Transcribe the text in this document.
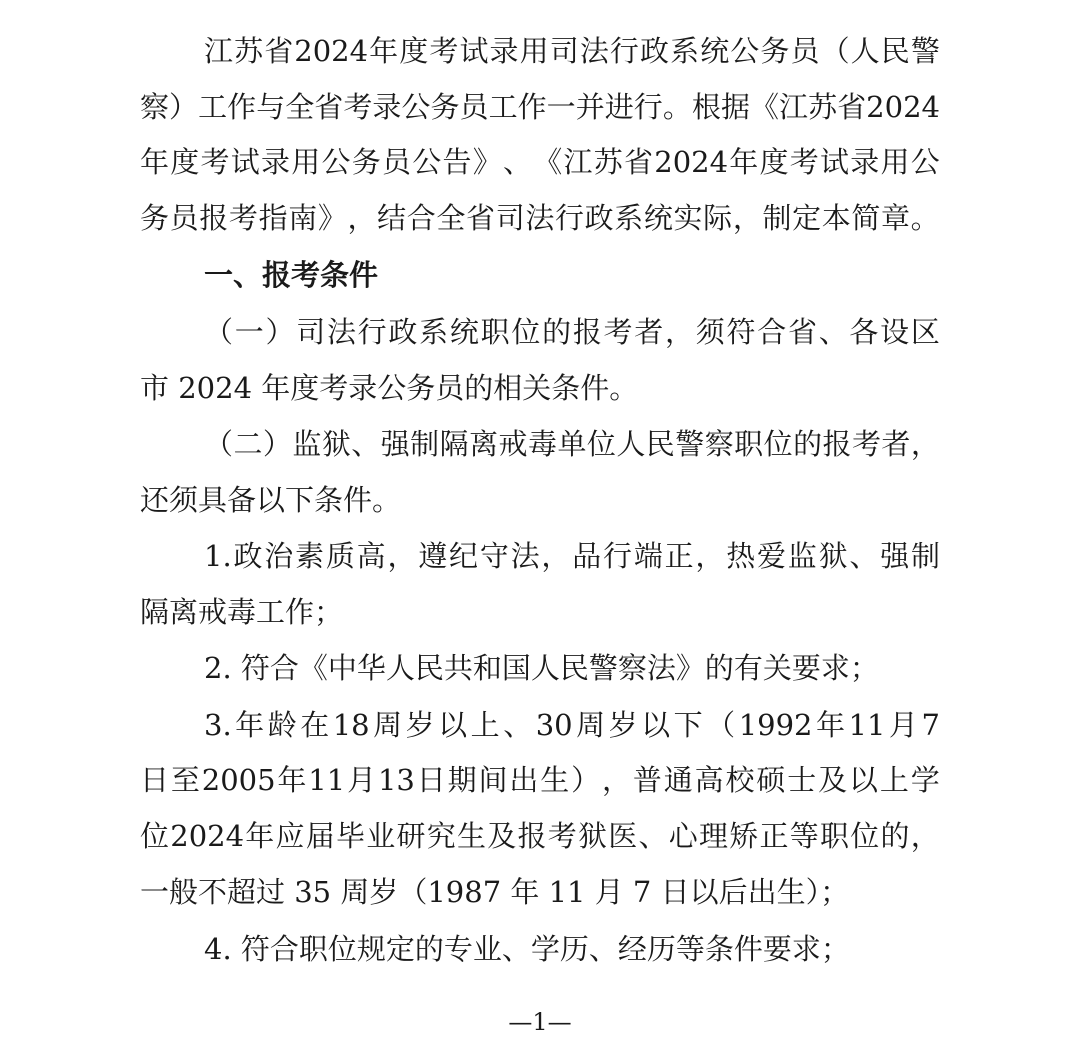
江 苏 省 2024 年 度 考 试 录 用 司 法 行 政 系 统 公 务 员 （ 人 民 警
察 ） 工 作 与 全 省 考 录 公 务 员 工 作 一 并 进 行 。 根 据 《 江 苏 省 2024
年 度 考 试 录 用 公 务 员 公 告 》 、 《 江 苏 省 2024 年 度 考 试 录 用 公
务 员 报 考 指 南 》 ， 结 合 全 省 司 法 行 政 系 统 实 际 ， 制 定 本 简 章 。
一、报考条件
（ 一 ） 司 法 行 政 系 统 职 位 的 报 考 者 ， 须 符 合 省 、 各 设 区
市 2024 年度考录公务员的相关条件。
（ 二 ） 监 狱 、 强 制 隔 离 戒 毒 单 位 人 民 警 察 职 位 的 报 考 者 ，
还须具备以下条件。
1. 政 治 素 质 高 ， 遵 纪 守 法 ， 品 行 端 正 ， 热 爱 监 狱 、 强 制
隔离戒毒工作；
2. 符合《中华人民共和国人民警察法》的有关要求；
3. 年 龄 在 18 周 岁 以 上 、 30 周 岁 以 下 （ 1992 年 11 月 7
日 至 2005 年 11 月 13 日 期 间 出 生 ） ， 普 通 高 校 硕 士 及 以 上 学
位 2024 年 应 届 毕 业 研 究 生 及 报 考 狱 医 、 心 理 矫 正 等 职 位 的 ，
一般不超过 35 周岁（1987 年 11 月 7 日以后出生）；
4. 符合职位规定的专业、学历、经历等条件要求；
—1—
